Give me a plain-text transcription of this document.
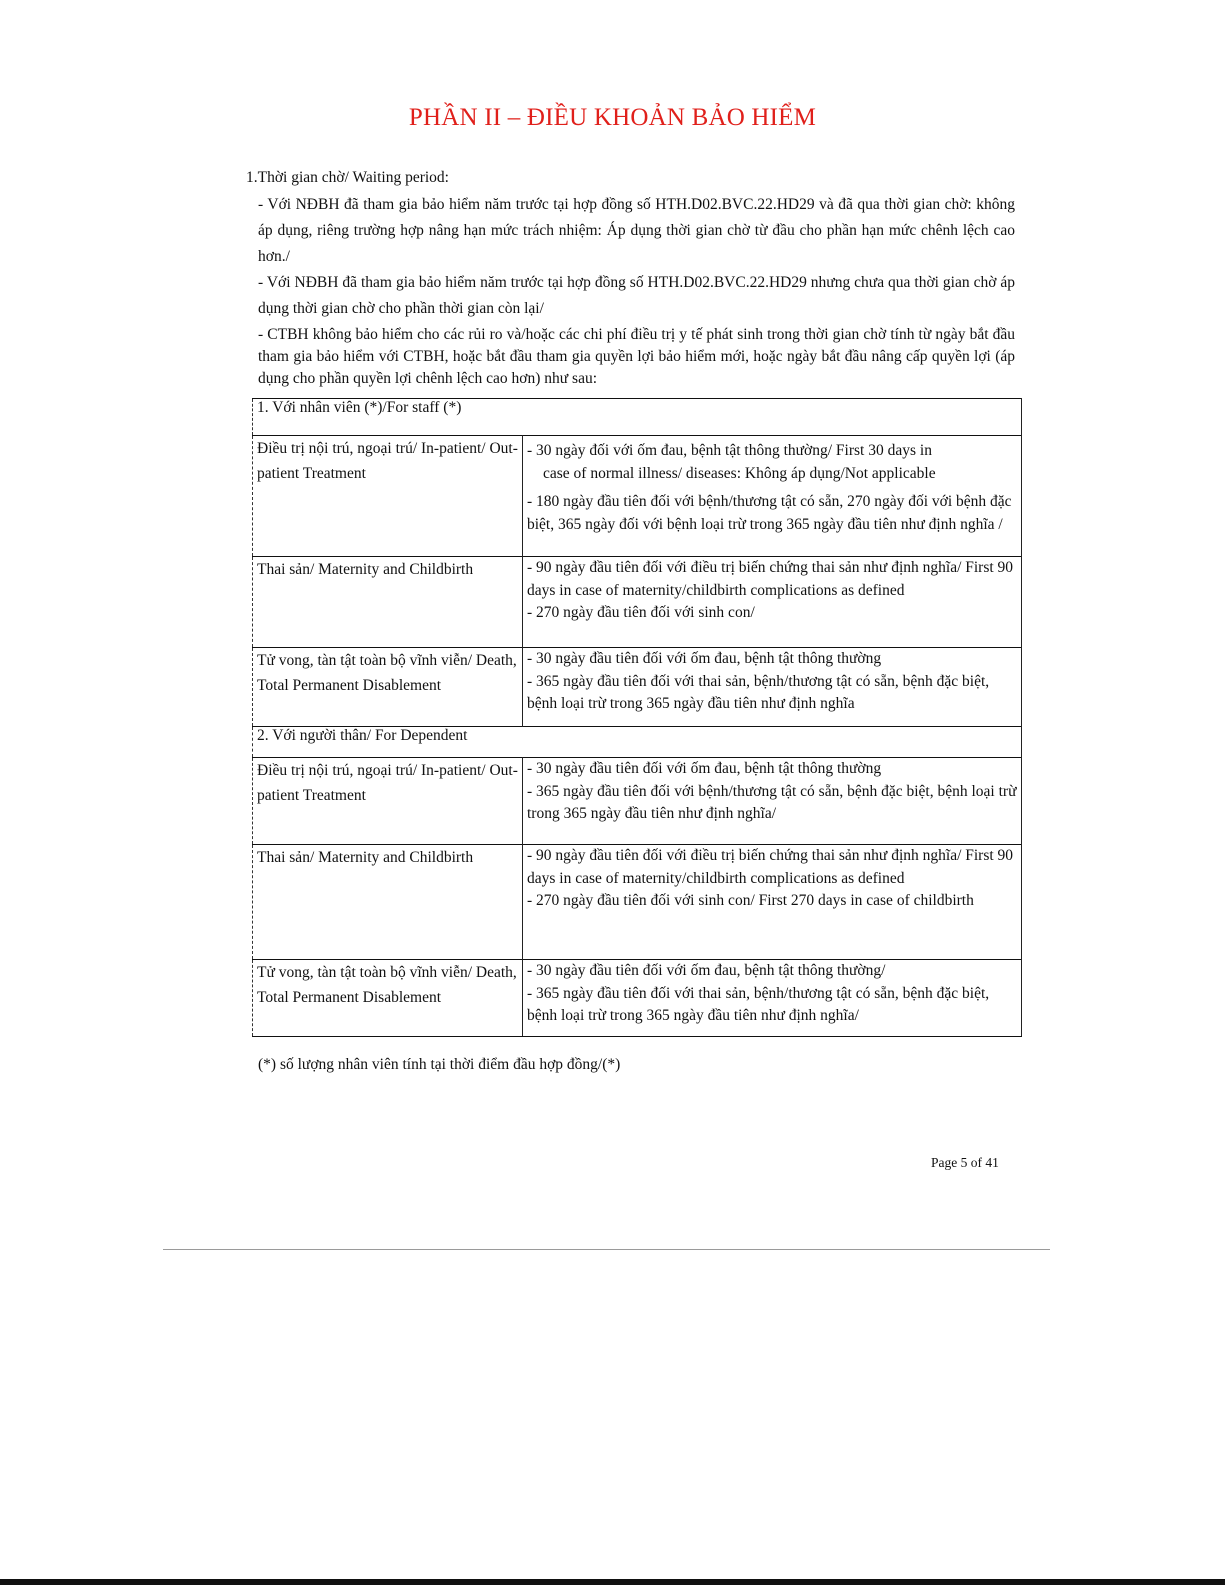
PHẦN II – ĐIỀU KHOẢN BẢO HIỂM
1.Thời gian chờ/ Waiting period:
- Với NĐBH đã tham gia bảo hiểm năm trước tại hợp đồng số HTH.D02.BVC.22.HD29 và đã qua thời gian chờ: không áp dụng, riêng trường hợp nâng hạn mức trách nhiệm: Áp dụng thời gian chờ từ đầu cho phần hạn mức chênh lệch cao hơn./
- Với NĐBH đã tham gia bảo hiểm năm trước tại hợp đồng số HTH.D02.BVC.22.HD29 nhưng chưa qua thời gian chờ áp dụng thời gian chờ cho phần thời gian còn lại/
- CTBH không bảo hiểm cho các rủi ro và/hoặc các chi phí điều trị y tế phát sinh trong thời gian chờ tính từ ngày bắt đầu tham gia bảo hiểm với CTBH, hoặc bắt đầu tham gia quyền lợi bảo hiểm mới, hoặc ngày bắt đầu nâng cấp quyền lợi (áp dụng cho phần quyền lợi chênh lệch cao hơn) như sau:
1. Với nhân viên (*)/For staff (*)	

Điều trị nội trú, ngoại trú/ In-patient/ Out-patient Treatment	- 30 ngày đối với ốm đau, bệnh tật thông thường/ First 30 days in
case of normal illness/ diseases: Không áp dụng/Not applicable
- 180 ngày đầu tiên đối với bệnh/thương tật có sẵn, 270 ngày đối với bệnh đặc biệt, 365 ngày đối với bệnh loại trừ trong 365 ngày đầu tiên như định nghĩa /

Thai sản/ Maternity and Childbirth	- 90 ngày đầu tiên đối với điều trị biến chứng thai sản như định nghĩa/ First 90 days in case of maternity/childbirth complications as defined
- 270 ngày đầu tiên đối với sinh con/

Tử vong, tàn tật toàn bộ vĩnh viễn/ Death, Total Permanent Disablement	- 30 ngày đầu tiên đối với ốm đau, bệnh tật thông thường
- 365 ngày đầu tiên đối với thai sản, bệnh/thương tật có sẵn, bệnh đặc biệt, bệnh loại trừ trong 365 ngày đầu tiên như định nghĩa

2. Với người thân/ For Dependent	

Điều trị nội trú, ngoại trú/ In-patient/ Out-patient Treatment	- 30 ngày đầu tiên đối với ốm đau, bệnh tật thông thường
- 365 ngày đầu tiên đối với bệnh/thương tật có sẵn, bệnh đặc biệt, bệnh loại trừ trong 365 ngày đầu tiên như định nghĩa/

Thai sản/ Maternity and Childbirth	- 90 ngày đầu tiên đối với điều trị biến chứng thai sản như định nghĩa/ First 90 days in case of maternity/childbirth complications as defined
- 270 ngày đầu tiên đối với sinh con/ First 270 days in case of childbirth

Tử vong, tàn tật toàn bộ vĩnh viễn/ Death, Total Permanent Disablement	- 30 ngày đầu tiên đối với ốm đau, bệnh tật thông thường/
- 365 ngày đầu tiên đối với thai sản, bệnh/thương tật có sẵn, bệnh đặc biệt, bệnh loại trừ trong 365 ngày đầu tiên như định nghĩa/
(*) số lượng nhân viên tính tại thời điểm đầu hợp đồng/(*)
Page 5 of 41
